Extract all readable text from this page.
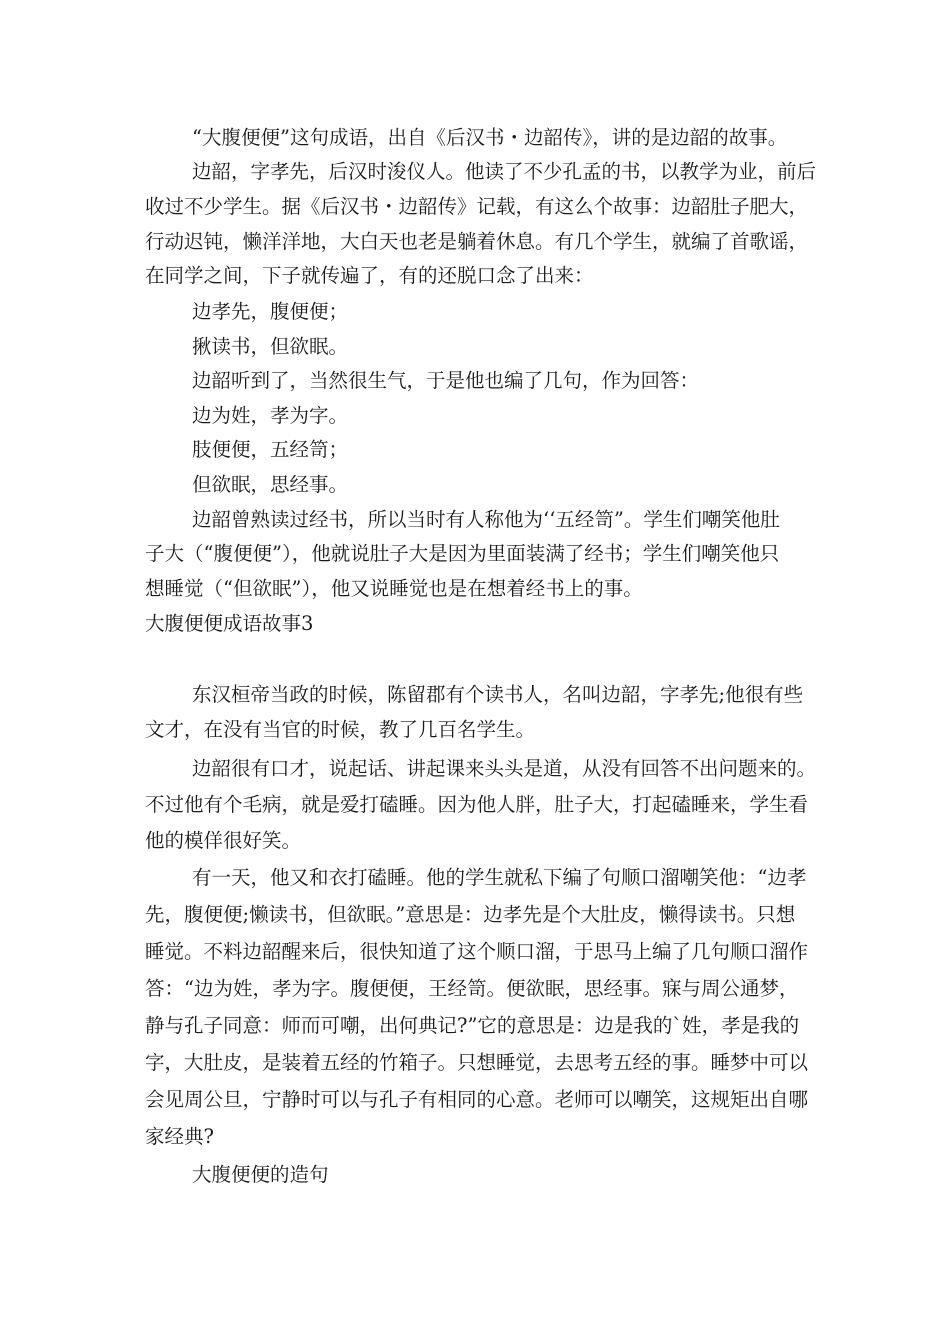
“大腹便便”这句成语，出自《后汉书・边韶传》，讲的是边韶的故事。
边韶，字孝先，后汉时浚仪人。他读了不少孔孟的书，以教学为业，前后
收过不少学生。据《后汉书・边韶传》记载，有这么个故事：边韶肚子肥大，
行动迟钝，懒洋洋地，大白天也老是躺着休息。有几个学生，就编了首歌谣，
在同学之间，下子就传遍了，有的还脱口念了出来：
边孝先，腹便便；
揪读书，但欲眠。
边韶听到了，当然很生气，于是他也编了几句，作为回答：
边为姓，孝为字。
肢便便，五经笥；
但欲眠，思经事。
边韶曾熟读过经书，所以当时有人称他为‘‘五经笥”。学生们嘲笑他肚
子大（“腹便便”），他就说肚子大是因为里面装满了经书；学生们嘲笑他只
想睡觉（“但欲眠”），他又说睡觉也是在想着经书上的事。
大腹便便成语故事3
东汉桓帝当政的时候，陈留郡有个读书人，名叫边韶，字孝先;他很有些
文才，在没有当官的时候，教了几百名学生。
边韶很有口才，说起话、讲起课来头头是道，从没有回答不出问题来的。
不过他有个毛病，就是爱打磕睡。因为他人胖，肚子大，打起磕睡来，学生看
他的模佯很好笑。
有一天，他又和衣打磕睡。他的学生就私下编了句顺口溜嘲笑他：“边孝
先，腹便便;懒读书，但欲眠。”意思是：边孝先是个大肚皮，懒得读书。只想
睡觉。不料边韶醒来后，很快知道了这个顺口溜，于思马上编了几句顺口溜作
答：“边为姓，孝为字。腹便便，王经笥。便欲眠，思经事。寐与周公通梦，
静与孔子同意：师而可嘲，出何典记?”它的意思是：边是我的`姓，孝是我的
字，大肚皮，是装着五经的竹箱子。只想睡觉，去思考五经的事。睡梦中可以
会见周公旦，宁静时可以与孔子有相同的心意。老师可以嘲笑，这规矩出自哪
家经典?
大腹便便的造句
